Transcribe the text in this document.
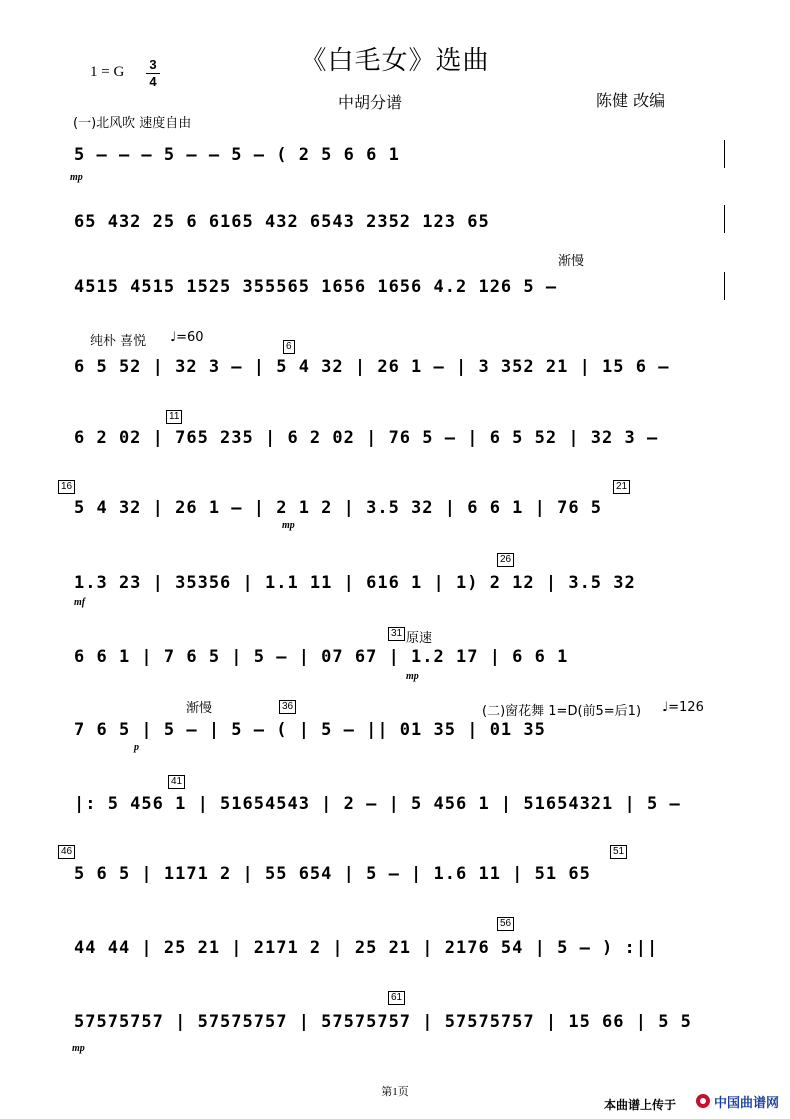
《白毛女》选曲
1 = G 3
4
中胡分谱	陈健 改编
(一)北风吹 速度自由
渐慢
纯朴 喜悦 ♩=60
原速
渐慢	(二)窗花舞 1=D(前5=后1) ♩=126
5 – – – 5 – – 5 – ( 2 5 6 6 1
65 432 25 6 6165 432 6543 2352 123 65
4515 4515 1525 355565 1656 1656 4.2 126 5 –
6 5 52 | 32 3 – | 5 4 32 | 26 1 – | 3 352 21 | 15 6 –
6 2 02 | 765 235 | 6 2 02 | 76 5 – | 6 5 52 | 32 3 –
5 4 32 | 26 1 – | 2 1 2 | 3.5 32 | 6 6 1 | 76 5
1.3 23 | 35356 | 1.1 11 | 616 1 | 1) 2 12 | 3.5 32
6 6 1 | 7 6 5 | 5 – | 07 67 | 1.2 17 | 6 6 1
7 6 5 | 5 – | 5 – ( | 5 – || 01 35 | 01 35
|: 5 456 1 | 51654543 | 2 – | 5 456 1 | 51654321 | 5 –
5 6 5 | 1171 2 | 55 654 | 5 – | 1.6 11 | 51 65
44 44 | 25 21 | 2171 2 | 25 21 | 2176 54 | 5 – ) :||
57575757 | 57575757 | 57575757 | 57575757 | 15 66 | 5 5
6
11
16	21
26
31
36
41
46	51
56
61
mp
mp
mf
mp
p
mp
第1页
本曲谱上传于	中国曲谱网
